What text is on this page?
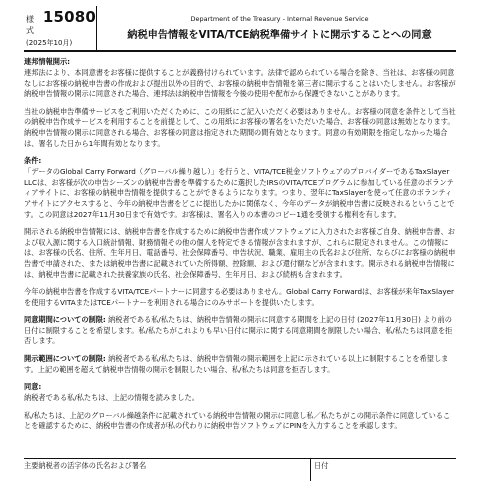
様式
15080
(2025年10月)
Department of the Treasury - Internal Revenue Service
納税申告情報をVITA/TCE納税準備サイトに開示することへの同意
連邦情報開示:

連邦法により、本同意書をお客様に提供することが義務付けられています。法律で認められている場合を除き、当社は、お客様の同意なしにお客様の納税申告書の作成および提出以外の目的で、お客様の納税申告情報を第三者に開示することはいたしません。お客様が納税申告情報の開示に同意された場合、連邦法は納税申告情報を今後の使用や配布から保護できないことがあります。

当社の納税申告準備サービスをご利用いただくために、この用紙にご記入いただく必要はありません。お客様の同意を条件として当社の納税申告作成サービスを利用することを前提として、この用紙にお客様の署名をいただいた場合、お客様の同意は無効となります。納税申告情報の開示に同意される場合、お客様の同意は指定された期間の間有効となります。同意の有効期限を指定しなかった場合は、署名した日から1年間有効となります。

条件:

「データのGlobal Carry Forward（グローバル繰り越し）」を行うと、VITA/TCE税金ソフトウェアのプロバイダーであるTaxSlayer LLCは、お客様が次の申告シーズンの納税申告書を準備するために選択したIRSのVITA/TCEプログラムに参加している任意のボランティアサイトに、お客様の納税申告情報を提供することができるようになります。つまり、翌年にTaxSlayerを使って任意のボランティアサイトにアクセスすると、今年の納税申告書をどこに提出したかに関係なく、今年のデータが納税申告書に反映されるということです。この同意は2027年11月30日まで有効です。お客様は、署名入りの本書のコピー1通を受領する権利を有します。

開示される納税申告情報には、納税申告書を作成するために納税申告書作成ソフトウェアに入力されたお客様ご自身、納税申告書、および収入源に関する入口統計情報、財務情報その他の個人を特定できる情報が含まれますが、これらに限定されません。この情報には、お客様の氏名、住所、生年月日、電話番号、社会保障番号、申告状況、職業、雇用主の氏名および住所、ならびにお客様の納税申告書で申請された、または納税申告書に記載されていた所得額、控除額、および還付額などが含まれます。開示される納税申告情報には、納税申告書に記載された扶養家族の氏名、社会保障番号、生年月日、および続柄も含まれます。

今年の納税申告書を作成するVITA/TCEパートナーに同意する必要はありません。Global Carry Forwardは、お客様が来年TaxSlayerを使用するVITAまたはTCEパートナーを利用される場合にのみサポートを提供いたします。

同意期間についての制限: 納税者である私/私たちは、納税申告情報の開示に同意する期間を上記の日付 (2027年11月30日) より前の日付に制限することを希望します。私/私たちがこれよりも早い日付に開示に関する同意期間を制限したい場合、私/私たちは同意を拒否します。

開示範囲についての制限: 納税者である私/私たちは、納税申告情報の開示範囲を上記に示されている以上に制限することを希望します。上記の範囲を超えて納税申告情報の開示を制限したい場合、私/私たちは同意を拒否します。

同意:

納税者である私/私たちは、上記の情報を読みました。

私/私たちは、上記のグローバル繰越条件に記載されている納税申告情報の開示に同意し私／私たちがこの開示条件に同意していることを確認するために、納税申告書の作成者が私の代わりに納税申告ソフトウェアにPINを入力することを承認します。

主要納税者の活字体の氏名および署名	日付
